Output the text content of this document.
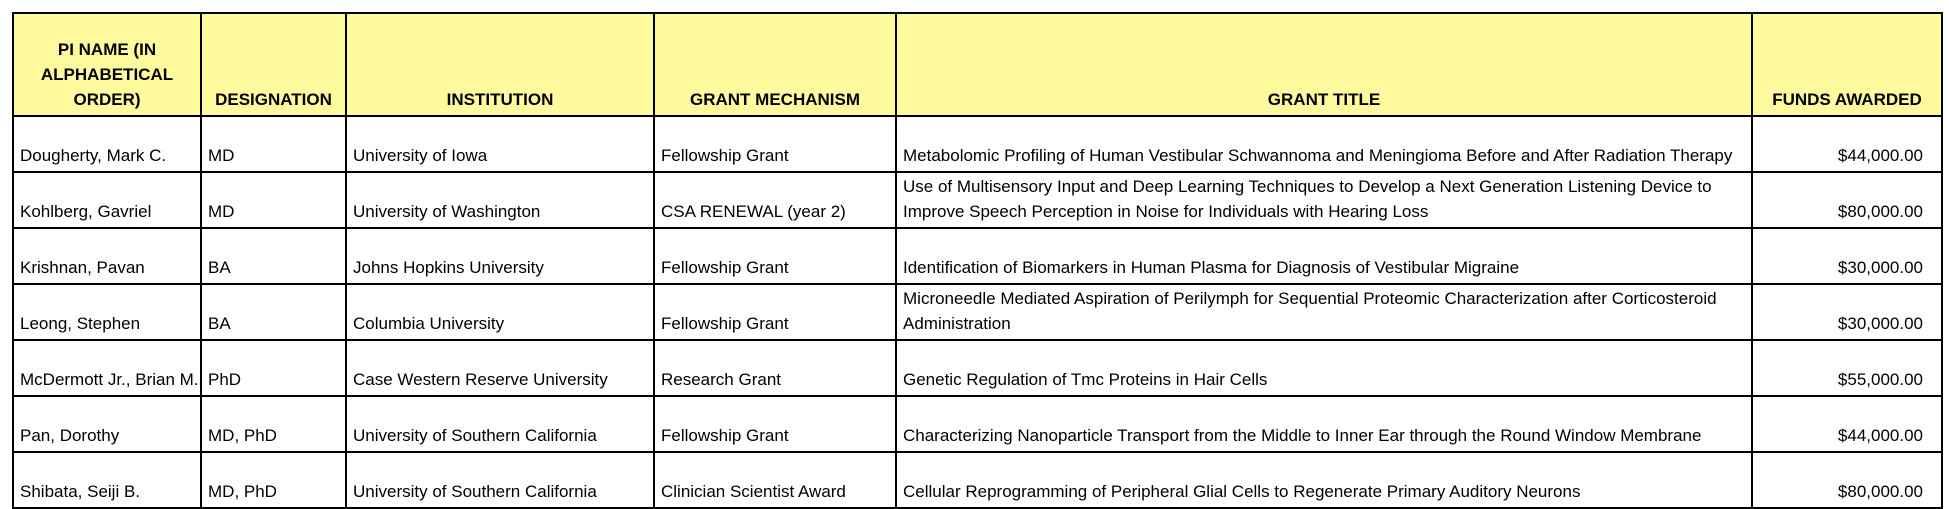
PI NAME (IN ALPHABETICAL ORDER)	DESIGNATION	INSTITUTION	GRANT MECHANISM	GRANT TITLE	FUNDS AWARDED
Dougherty, Mark C.	MD	University of Iowa	Fellowship Grant	Metabolomic Profiling of Human Vestibular Schwannoma and Meningioma Before and After Radiation Therapy	$44,000.00
Kohlberg, Gavriel	MD	University of Washington	CSA RENEWAL (year 2)	Use of Multisensory Input and Deep Learning Techniques to Develop a Next Generation Listening Device to Improve Speech Perception in Noise for Individuals with Hearing Loss	$80,000.00
Krishnan, Pavan	BA	Johns Hopkins University	Fellowship Grant	Identification of Biomarkers in Human Plasma for Diagnosis of Vestibular Migraine	$30,000.00
Leong, Stephen	BA	Columbia University	Fellowship Grant	Microneedle Mediated Aspiration of Perilymph for Sequential Proteomic Characterization after Corticosteroid Administration	$30,000.00
McDermott Jr., Brian M.	PhD	Case Western Reserve University	Research Grant	Genetic Regulation of Tmc Proteins in Hair Cells	$55,000.00
Pan, Dorothy	MD, PhD	University of Southern California	Fellowship Grant	Characterizing Nanoparticle Transport from the Middle to Inner Ear through the Round Window Membrane	$44,000.00
Shibata, Seiji B.	MD, PhD	University of Southern California	Clinician Scientist Award	Cellular Reprogramming of Peripheral Glial Cells to Regenerate Primary Auditory Neurons	$80,000.00
